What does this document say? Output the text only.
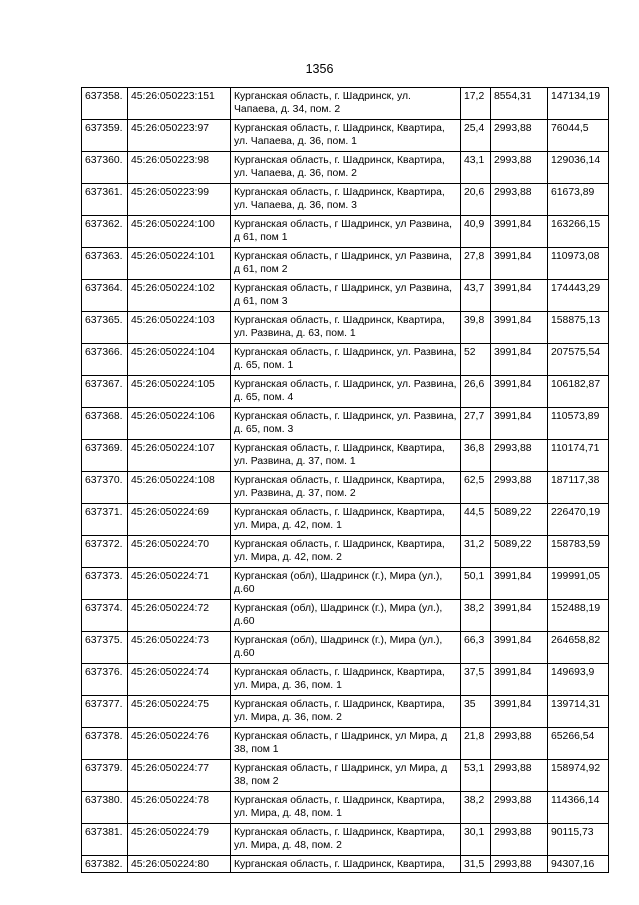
1356
637358.	45:26:050223:151	Курганская область, г. Шадринск, ул. Чапаева, д. 34, пом. 2	17,2	8554,31	147134,19
637359.	45:26:050223:97	Курганская область, г. Шадринск, Квартира, ул. Чапаева, д. 36, пом. 1	25,4	2993,88	76044,5
637360.	45:26:050223:98	Курганская область, г. Шадринск, Квартира, ул. Чапаева, д. 36, пом. 2	43,1	2993,88	129036,14
637361.	45:26:050223:99	Курганская область, г. Шадринск, Квартира, ул. Чапаева, д. 36, пом. 3	20,6	2993,88	61673,89
637362.	45:26:050224:100	Курганская область, г Шадринск, ул Развина, д 61, пом 1	40,9	3991,84	163266,15
637363.	45:26:050224:101	Курганская область, г Шадринск, ул Развина, д 61, пом 2	27,8	3991,84	110973,08
637364.	45:26:050224:102	Курганская область, г Шадринск, ул Развина, д 61, пом 3	43,7	3991,84	174443,29
637365.	45:26:050224:103	Курганская область, г. Шадринск, Квартира, ул. Развина, д. 63, пом. 1	39,8	3991,84	158875,13
637366.	45:26:050224:104	Курганская область, г. Шадринск, ул. Развина, д. 65, пом. 1	52	3991,84	207575,54
637367.	45:26:050224:105	Курганская область, г. Шадринск, ул. Развина, д. 65, пом. 4	26,6	3991,84	106182,87
637368.	45:26:050224:106	Курганская область, г. Шадринск, ул. Развина, д. 65, пом. 3	27,7	3991,84	110573,89
637369.	45:26:050224:107	Курганская область, г. Шадринск, Квартира, ул. Развина, д. 37, пом. 1	36,8	2993,88	110174,71
637370.	45:26:050224:108	Курганская область, г. Шадринск, Квартира, ул. Развина, д. 37, пом. 2	62,5	2993,88	187117,38
637371.	45:26:050224:69	Курганская область, г. Шадринск, Квартира, ул. Мира, д. 42, пом. 1	44,5	5089,22	226470,19
637372.	45:26:050224:70	Курганская область, г. Шадринск, Квартира, ул. Мира, д. 42, пом. 2	31,2	5089,22	158783,59
637373.	45:26:050224:71	Курганская (обл), Шадринск (г.), Мира (ул.), д.60	50,1	3991,84	199991,05
637374.	45:26:050224:72	Курганская (обл), Шадринск (г.), Мира (ул.), д.60	38,2	3991,84	152488,19
637375.	45:26:050224:73	Курганская (обл), Шадринск (г.), Мира (ул.), д.60	66,3	3991,84	264658,82
637376.	45:26:050224:74	Курганская область, г. Шадринск, Квартира, ул. Мира, д. 36, пом. 1	37,5	3991,84	149693,9
637377.	45:26:050224:75	Курганская область, г. Шадринск, Квартира, ул. Мира, д. 36, пом. 2	35	3991,84	139714,31
637378.	45:26:050224:76	Курганская область, г Шадринск, ул Мира, д 38, пом 1	21,8	2993,88	65266,54
637379.	45:26:050224:77	Курганская область, г Шадринск, ул Мира, д 38, пом 2	53,1	2993,88	158974,92
637380.	45:26:050224:78	Курганская область, г. Шадринск, Квартира, ул. Мира, д. 48, пом. 1	38,2	2993,88	114366,14
637381.	45:26:050224:79	Курганская область, г. Шадринск, Квартира, ул. Мира, д. 48, пом. 2	30,1	2993,88	90115,73
637382.	45:26:050224:80	Курганская область, г. Шадринск, Квартира,	31,5	2993,88	94307,16
